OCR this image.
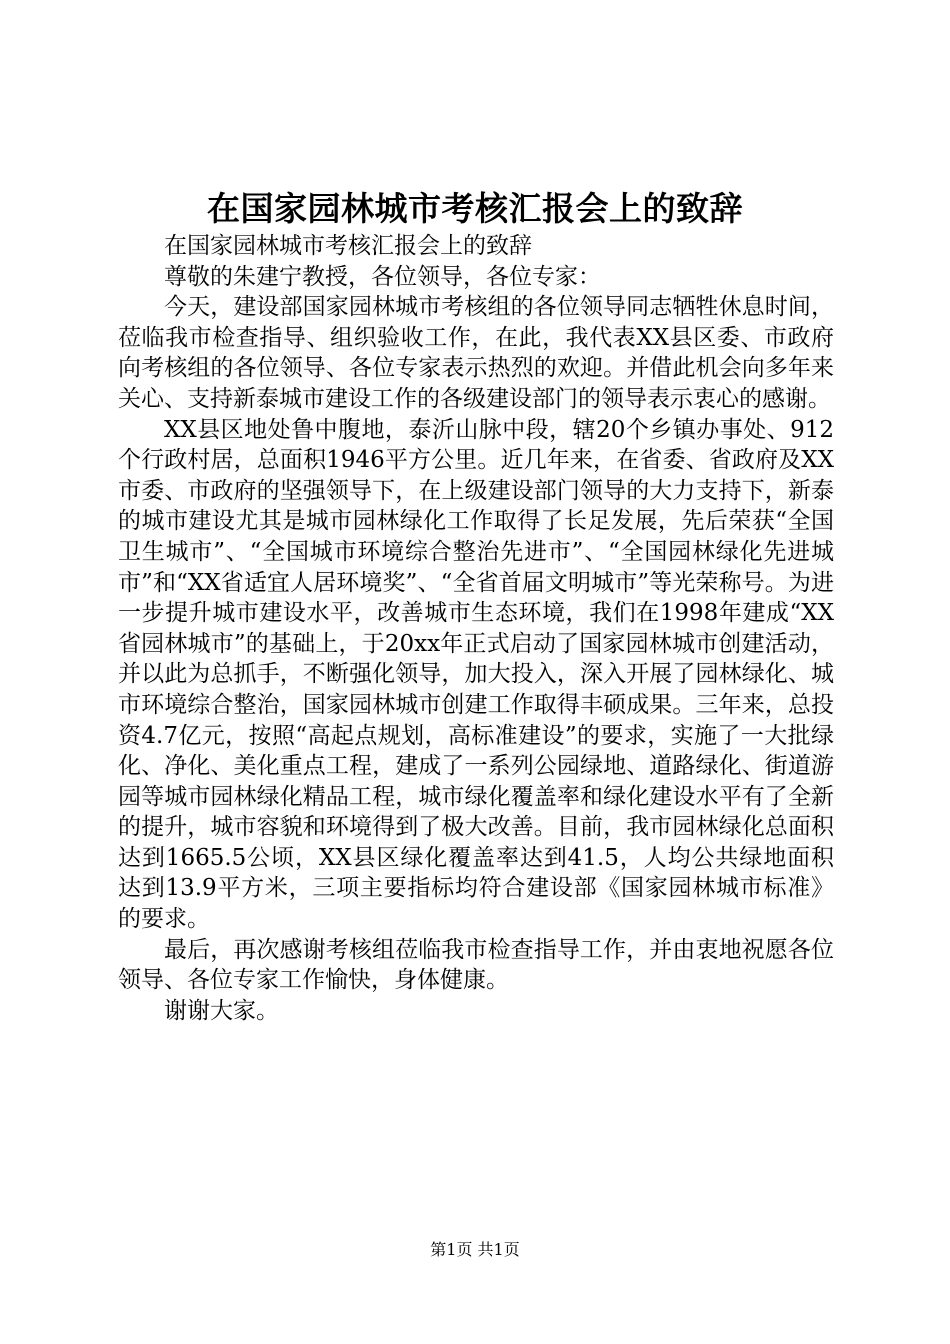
在国家园林城市考核汇报会上的致辞

在国家园林城市考核汇报会上的致辞

尊敬的朱建宁教授，各位领导，各位专家：

今天，建设部国家园林城市考核组的各位领导同志牺牲休息时间，莅临我市检查指导、组织验收工作，在此，我代表XX县区委、市政府向考核组的各位领导、各位专家表示热烈的欢迎。并借此机会向多年来关心、支持新泰城市建设工作的各级建设部门的领导表示衷心的感谢。

XX县区地处鲁中腹地，泰沂山脉中段，辖20个乡镇办事处、912个行政村居，总面积1946平方公里。近几年来，在省委、省政府及XX市委、市政府的坚强领导下，在上级建设部门领导的大力支持下，新泰的城市建设尤其是城市园林绿化工作取得了长足发展，先后荣获“全国卫生城市”、“全国城市环境综合整治先进市”、“全国园林绿化先进城市”和“XX省适宜人居环境奖”、“全省首届文明城市”等光荣称号。为进一步提升城市建设水平，改善城市生态环境，我们在1998年建成“XX省园林城市”的基础上，于20xx年正式启动了国家园林城市创建活动，并以此为总抓手，不断强化领导，加大投入，深入开展了园林绿化、城市环境综合整治，国家园林城市创建工作取得丰硕成果。三年来，总投资4.7亿元，按照“高起点规划，高标准建设”的要求，实施了一大批绿化、净化、美化重点工程，建成了一系列公园绿地、道路绿化、街道游园等城市园林绿化精品工程，城市绿化覆盖率和绿化建设水平有了全新的提升，城市容貌和环境得到了极大改善。目前，我市园林绿化总面积达到1665.5公顷，XX县区绿化覆盖率达到41.5，人均公共绿地面积达到13.9平方米，三项主要指标均符合建设部《国家园林城市标准》的要求。

最后，再次感谢考核组莅临我市检查指导工作，并由衷地祝愿各位领导、各位专家工作愉快，身体健康。

谢谢大家。

第1页 共1页
